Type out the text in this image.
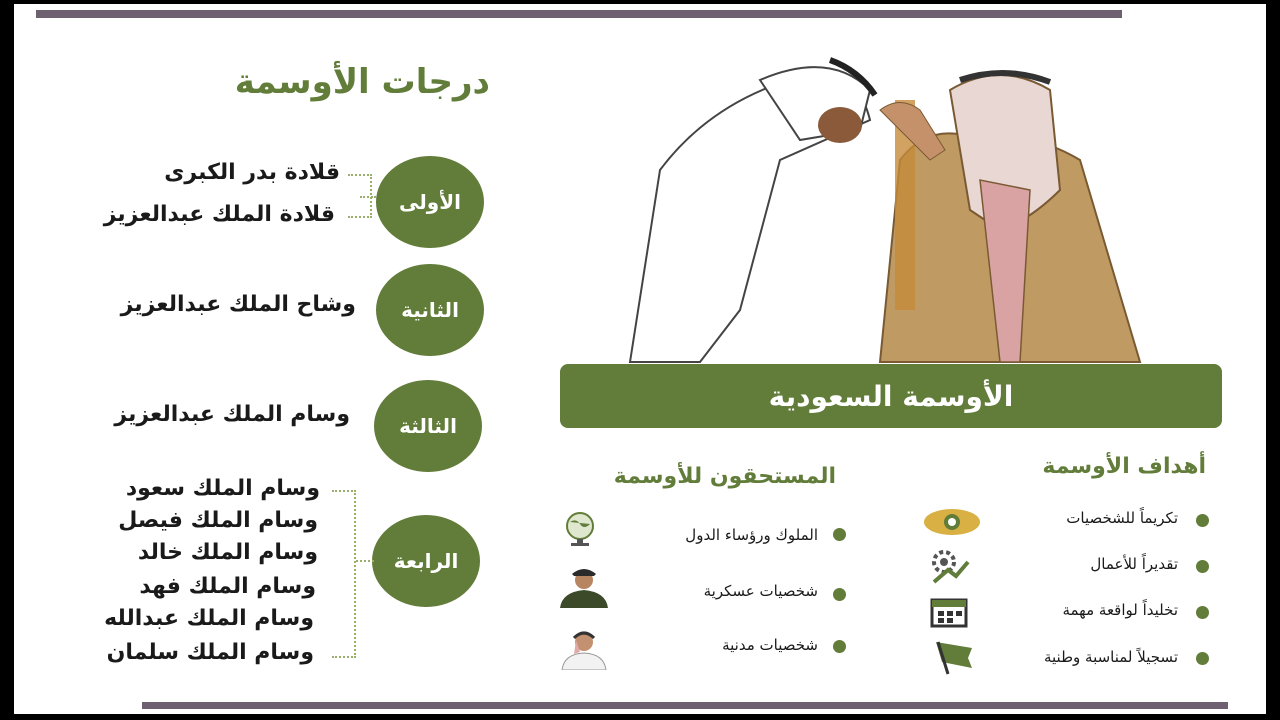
درجات الأوسمة
الأولى
الثانية
الثالثة
الرابعة
قلادة بدر الكبرى
قلادة الملك عبدالعزيز
وشاح الملك عبدالعزيز
وسام الملك عبدالعزيز
وسام الملك سعود
وسام الملك فيصل
وسام الملك خالد
وسام الملك فهد
وسام الملك عبدالله
وسام الملك سلمان
الأوسمة السعودية
أهداف الأوسمة
تكريماً للشخصيات
تقديراً للأعمال
تخليداً لواقعة مهمة
تسجيلاً لمناسبة وطنية
المستحقون للأوسمة
الملوك ورؤساء الدول
شخصيات عسكرية
شخصيات مدنية
